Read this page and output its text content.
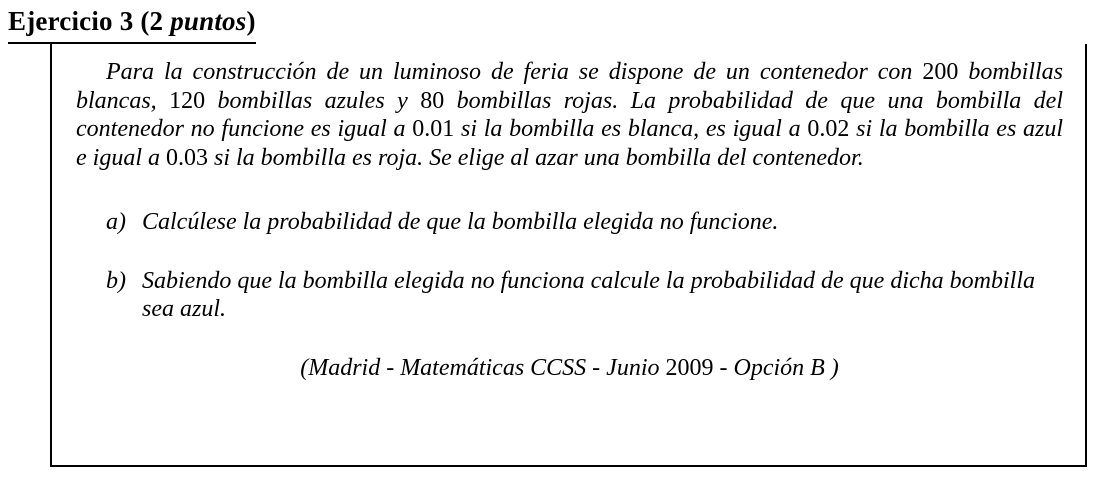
Ejercicio 3 (2 puntos)

Para la construcción de un luminoso de feria se dispone de un contenedor con 200 bombillas blancas, 120 bombillas azules y 80 bombillas rojas. La probabilidad de que una bombilla del contenedor no funcione es igual a 0.01 si la bombilla es blanca, es igual a 0.02 si la bombilla es azul e igual a 0.03 si la bombilla es roja. Se elige al azar una bombilla del contenedor.

a) Calcúlese la probabilidad de que la bombilla elegida no funcione.
b) Sabiendo que la bombilla elegida no funciona calcule la probabilidad de que dicha bombilla sea azul.
(Madrid - Matemáticas CCSS - Junio 2009 - Opción B )
